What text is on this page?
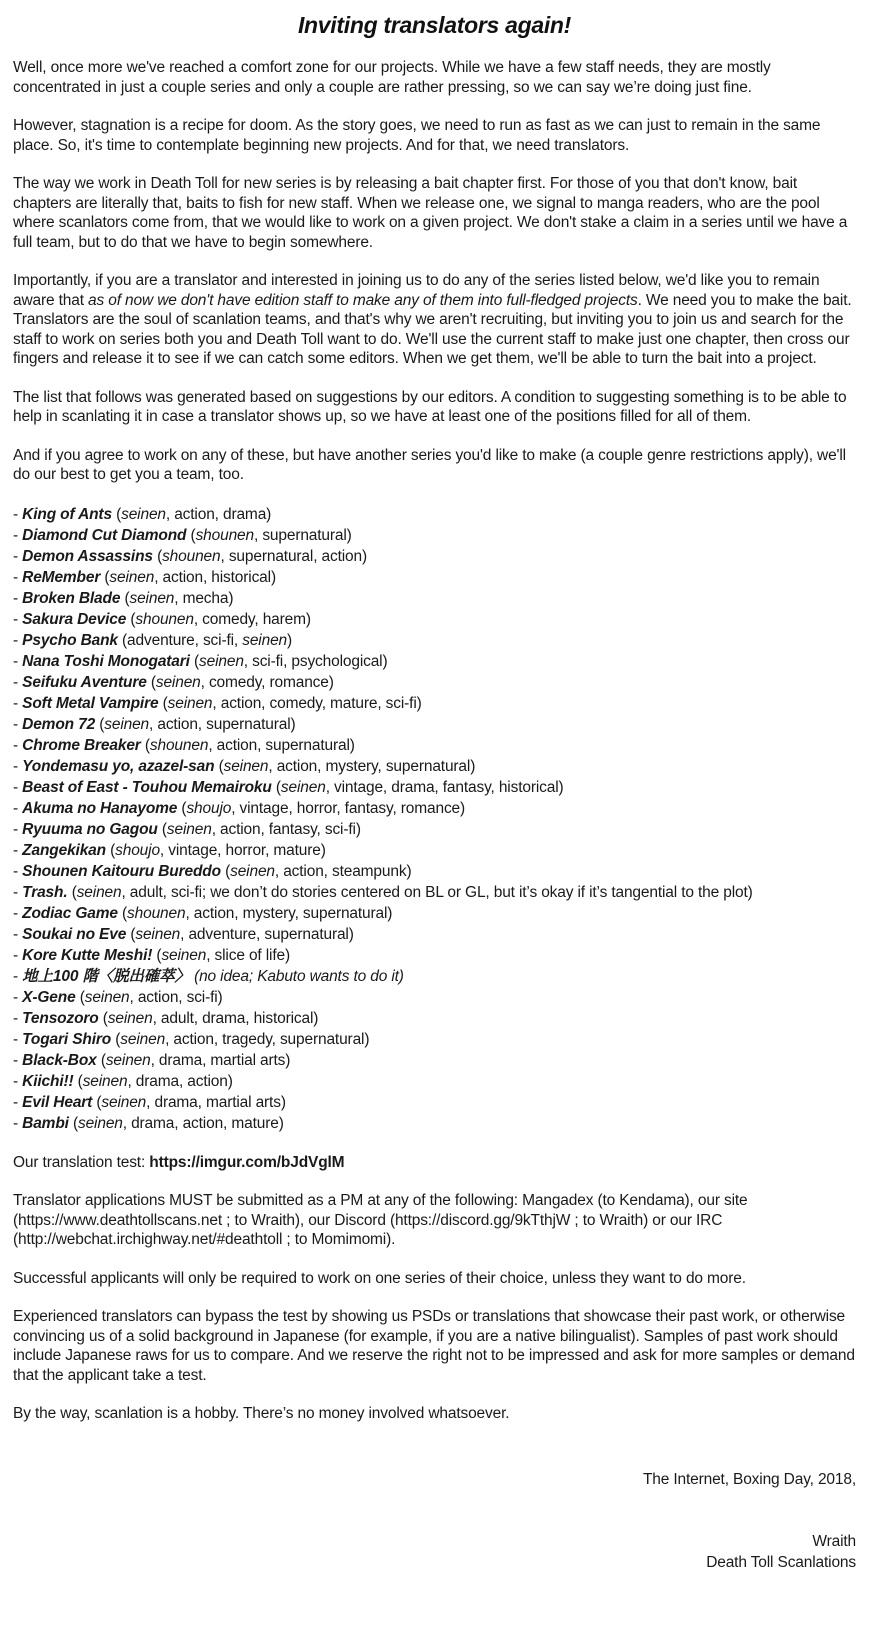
Inviting translators again!

Well, once more we've reached a comfort zone for our projects. While we have a few staff needs, they are mostly concentrated in just a couple series and only a couple are rather pressing, so we can say we’re doing just fine.

However, stagnation is a recipe for doom. As the story goes, we need to run as fast as we can just to remain in the same place. So, it's time to contemplate beginning new projects. And for that, we need translators.

The way we work in Death Toll for new series is by releasing a bait chapter first. For those of you that don't know, bait chapters are literally that, baits to fish for new staff. When we release one, we signal to manga readers, who are the pool where scanlators come from, that we would like to work on a given project. We don't stake a claim in a series until we have a full team, but to do that we have to begin somewhere.

Importantly, if you are a translator and interested in joining us to do any of the series listed below, we'd like you to remain aware that as of now we don't have edition staff to make any of them into full-fledged projects. We need you to make the bait. Translators are the soul of scanlation teams, and that's why we aren't recruiting, but inviting you to join us and search for the staff to work on series both you and Death Toll want to do. We'll use the current staff to make just one chapter, then cross our fingers and release it to see if we can catch some editors. When we get them, we'll be able to turn the bait into a project.

The list that follows was generated based on suggestions by our editors. A condition to suggesting something is to be able to help in scanlating it in case a translator shows up, so we have at least one of the positions filled for all of them.

And if you agree to work on any of these, but have another series you'd like to make (a couple genre restrictions apply), we'll do our best to get you a team, too.

- King of Ants (seinen, action, drama)
- Diamond Cut Diamond (shounen, supernatural)
- Demon Assassins (shounen, supernatural, action)
- ReMember (seinen, action, historical)
- Broken Blade (seinen, mecha)
- Sakura Device (shounen, comedy, harem)
- Psycho Bank (adventure, sci-fi, seinen)
- Nana Toshi Monogatari (seinen, sci-fi, psychological)
- Seifuku Aventure (seinen, comedy, romance)
- Soft Metal Vampire (seinen, action, comedy, mature, sci-fi)
- Demon 72 (seinen, action, supernatural)
- Chrome Breaker (shounen, action, supernatural)
- Yondemasu yo, azazel-san (seinen, action, mystery, supernatural)
- Beast of East - Touhou Memairoku (seinen, vintage, drama, fantasy, historical)
- Akuma no Hanayome (shoujo, vintage, horror, fantasy, romance)
- Ryuuma no Gagou (seinen, action, fantasy, sci-fi)
- Zangekikan (shoujo, vintage, horror, mature)
- Shounen Kaitouru Bureddo (seinen, action, steampunk)
- Trash. (seinen, adult, sci-fi; we don’t do stories centered on BL or GL, but it’s okay if it’s tangential to the plot)
- Zodiac Game (shounen, action, mystery, supernatural)
- Soukai no Eve (seinen, adventure, supernatural)
- Kore Kutte Meshi! (seinen, slice of life)
- 地上100 階〈脱出確萃〉 (no idea; Kabuto wants to do it)
- X-Gene (seinen, action, sci-fi)
- Tensozoro (seinen, adult, drama, historical)
- Togari Shiro (seinen, action, tragedy, supernatural)
- Black-Box (seinen, drama, martial arts)
- Kiichi!! (seinen, drama, action)
- Evil Heart (seinen, drama, martial arts)
- Bambi (seinen, drama, action, mature)

Our translation test: https://imgur.com/bJdVglM

Translator applications MUST be submitted as a PM at any of the following: Mangadex (to Kendama), our site (https://www.deathtollscans.net ; to Wraith), our Discord (https://discord.gg/9kTthjW ; to Wraith) or our IRC (http://webchat.irchighway.net/#deathtoll ; to Momimomi).

Successful applicants will only be required to work on one series of their choice, unless they want to do more.

Experienced translators can bypass the test by showing us PSDs or translations that showcase their past work, or otherwise convincing us of a solid background in Japanese (for example, if you are a native bilingualist). Samples of past work should include Japanese raws for us to compare. And we reserve the right not to be impressed and ask for more samples or demand that the applicant take a test.

By the way, scanlation is a hobby. There’s no money involved whatsoever.

The Internet, Boxing Day, 2018,
Wraith
Death Toll Scanlations
